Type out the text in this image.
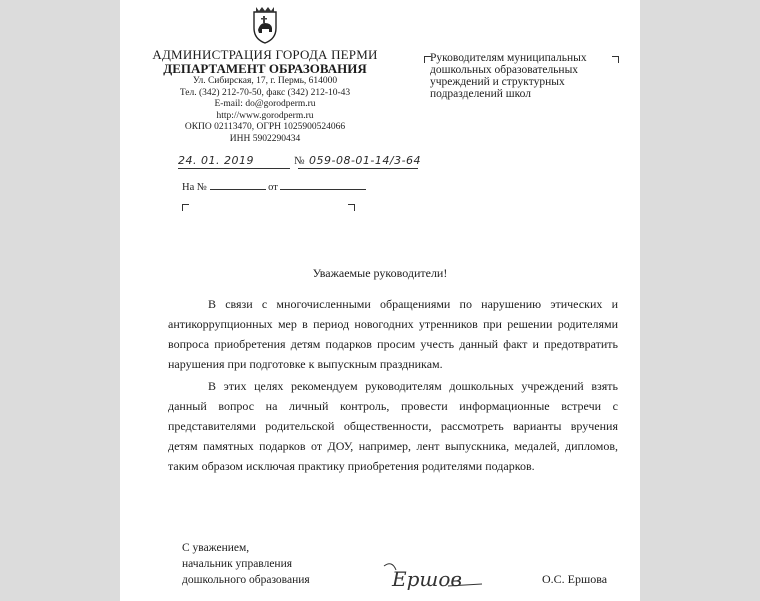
АДМИНИСТРАЦИЯ ГОРОДА ПЕРМИ
ДЕПАРТАМЕНТ ОБРАЗОВАНИЯ
Ул. Сибирская, 17, г. Пермь, 614000
Тел. (342) 212-70-50, факс (342) 212-10-43
E-mail: do@gorodperm.ru
http://www.gorodperm.ru
ОКПО 02113470, ОГРН 1025900524066
ИНН 5902290434
Руководителям муниципальных
дошкольных образовательных
учреждений и структурных
подразделений школ
24. 01. 2019	№ 059-08-01-14/3-64
На №	от
Уважаемые руководители!

В связи с многочисленными обращениями по нарушению этических и антикоррупционных мер в период новогодних утренников при решении родителями вопроса приобретения детям подарков просим учесть данный факт и предотвратить нарушения при подготовке к выпускным праздникам.

В этих целях рекомендуем руководителям дошкольных учреждений взять данный вопрос на личный контроль, провести информационные встречи с представителями родительской общественности, рассмотреть варианты вручения детям памятных подарков от ДОУ, например, лент выпускника, медалей, дипломов, таким образом исключая практику приобретения родителями подарков.

С уважением,
начальник управления
дошкольного образования	Ершов	О.С. Ершова
